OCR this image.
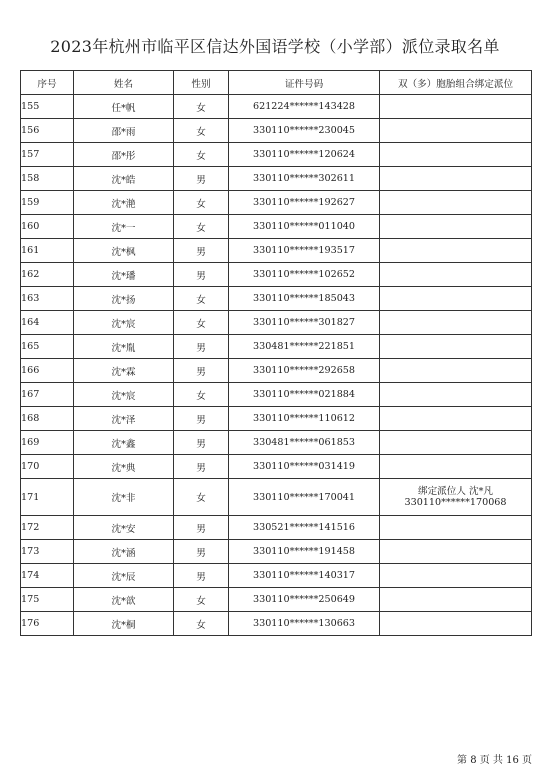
2023年杭州市临平区信达外国语学校（小学部）派位录取名单
序号	姓名	性别	证件号码	双（多）胞胎组合绑定派位
155	任*帆	女	621224******143428	

156	邵*雨	女	330110******230045	

157	邵*彤	女	330110******120624	

158	沈*皓	男	330110******302611	

159	沈*滟	女	330110******192627	

160	沈*一	女	330110******011040	

161	沈*枫	男	330110******193517	

162	沈*璠	男	330110******102652	

163	沈*扬	女	330110******185043	

164	沈*宸	女	330110******301827	

165	沈*胤	男	330481******221851	

166	沈*霖	男	330110******292658	

167	沈*宸	女	330110******021884	

168	沈*泽	男	330110******110612	

169	沈*鑫	男	330481******061853	

170	沈*典	男	330110******031419	

171	沈*非	女	330110******170041	绑定派位人 沈*凡
330110******170068

172	沈*安	男	330521******141516	

173	沈*涵	男	330110******191458	

174	沈*辰	男	330110******140317	

175	沈*歆	女	330110******250649	

176	沈*桐	女	330110******130663	
第 8 页 共 16 页
